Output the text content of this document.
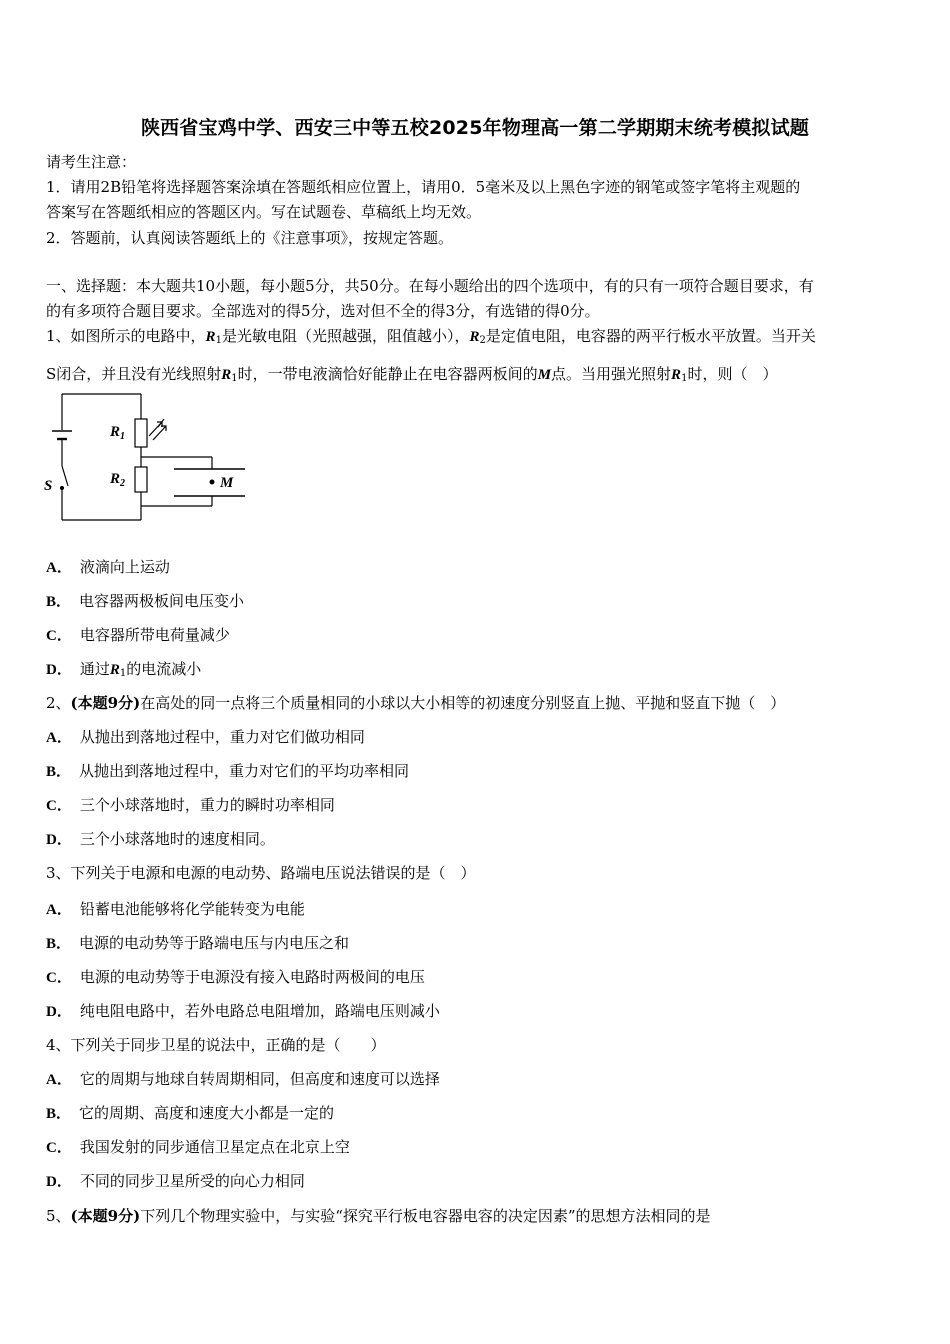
陕西省宝鸡中学、西安三中等五校2025年物理高一第二学期期末统考模拟试题
请考生注意：
1．请用2B铅笔将选择题答案涂填在答题纸相应位置上，请用0．5毫米及以上黑色字迹的钢笔或签字笔将主观题的
答案写在答题纸相应的答题区内。写在试题卷、草稿纸上均无效。
2．答题前，认真阅读答题纸上的《注意事项》，按规定答题。
一、选择题：本大题共10小题，每小题5分，共50分。在每小题给出的四个选项中，有的只有一项符合题目要求，有
的有多项符合题目要求。全部选对的得5分，选对但不全的得3分，有选错的得0分。
1、如图所示的电路中，$R_1$是光敏电阻（光照越强，阻值越小），$R_2$是定值电阻，电容器的两平行板水平放置。当开关
S闭合，并且没有光线照射$R_1$时，一带电液滴恰好能静止在电容器两板间的M点。当用强光照射$R_1$时，则（　）
$R_1$
$R_2$
S	M
A． 液滴向上运动
B． 电容器两极板间电压变小
C． 电容器所带电荷量减少
D． 通过$R_1$的电流减小
2、(本题9分)在高处的同一点将三个质量相同的小球以大小相等的初速度分别竖直上抛、平抛和竖直下抛（　）
A． 从抛出到落地过程中，重力对它们做功相同
B． 从抛出到落地过程中，重力对它们的平均功率相同
C． 三个小球落地时，重力的瞬时功率相同
D． 三个小球落地时的速度相同。
3、下列关于电源和电源的电动势、路端电压说法错误的是（　）
A． 铅蓄电池能够将化学能转变为电能
B． 电源的电动势等于路端电压与内电压之和
C． 电源的电动势等于电源没有接入电路时两极间的电压
D． 纯电阻电路中，若外电路总电阻增加，路端电压则减小
4、下列关于同步卫星的说法中，正确的是（　　）
A． 它的周期与地球自转周期相同，但高度和速度可以选择
B． 它的周期、高度和速度大小都是一定的
C． 我国发射的同步通信卫星定点在北京上空
D． 不同的同步卫星所受的向心力相同
5、(本题9分)下列几个物理实验中，与实验“探究平行板电容器电容的决定因素”的思想方法相同的是
